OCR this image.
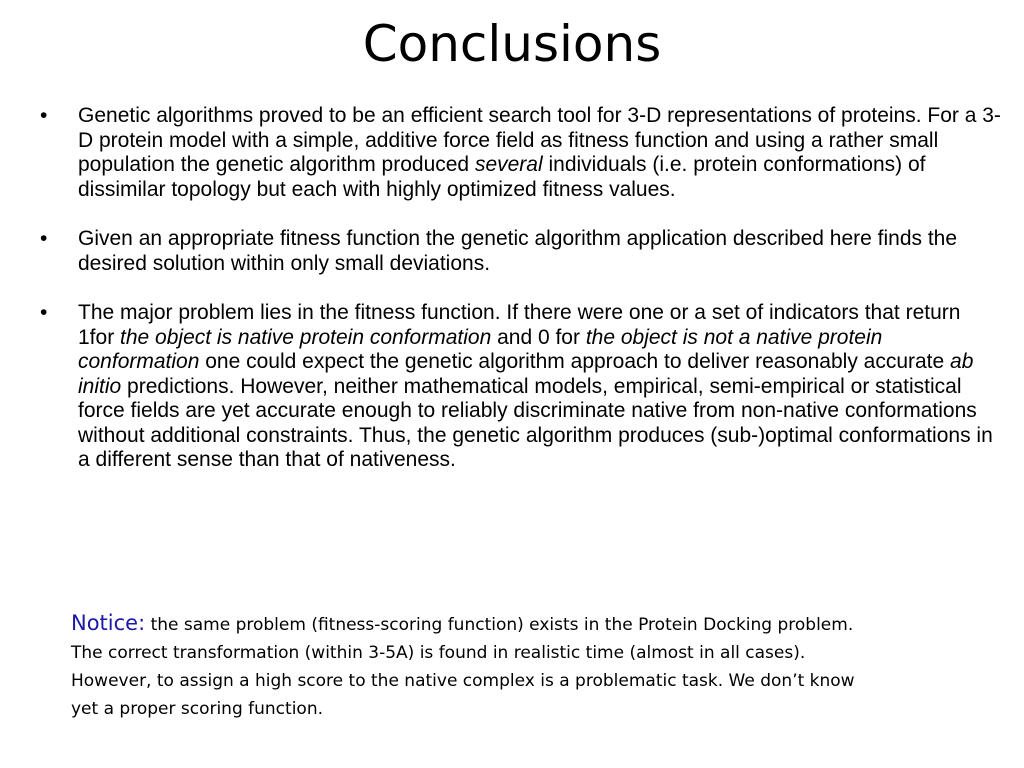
Conclusions
•	Genetic algorithms proved to be an efficient search tool for 3-D representations of proteins. For a 3-D protein model with a simple, additive force field as fitness function and using a rather small population the genetic algorithm produced several individuals (i.e. protein conformations) of dissimilar topology but each with highly optimized fitness values.
•	Given an appropriate fitness function the genetic algorithm application described here finds the desired solution within only small deviations.
•	The major problem lies in the fitness function. If there were one or a set of indicators that return 1for the object is native protein conformation and 0 for the object is not a native protein conformation one could expect the genetic algorithm approach to deliver reasonably accurate ab initio predictions. However, neither mathematical models, empirical, semi-empirical or statistical force fields are yet accurate enough to reliably discriminate native from non-native conformations without additional constraints. Thus, the genetic algorithm produces (sub-)optimal conformations in a different sense than that of nativeness.

Notice: the same problem (fitness-scoring function) exists in the Protein Docking problem. The correct transformation (within 3-5A) is found in realistic time (almost in all cases). However, to assign a high score to the native complex is a problematic task. We don’t know yet a proper scoring function.
